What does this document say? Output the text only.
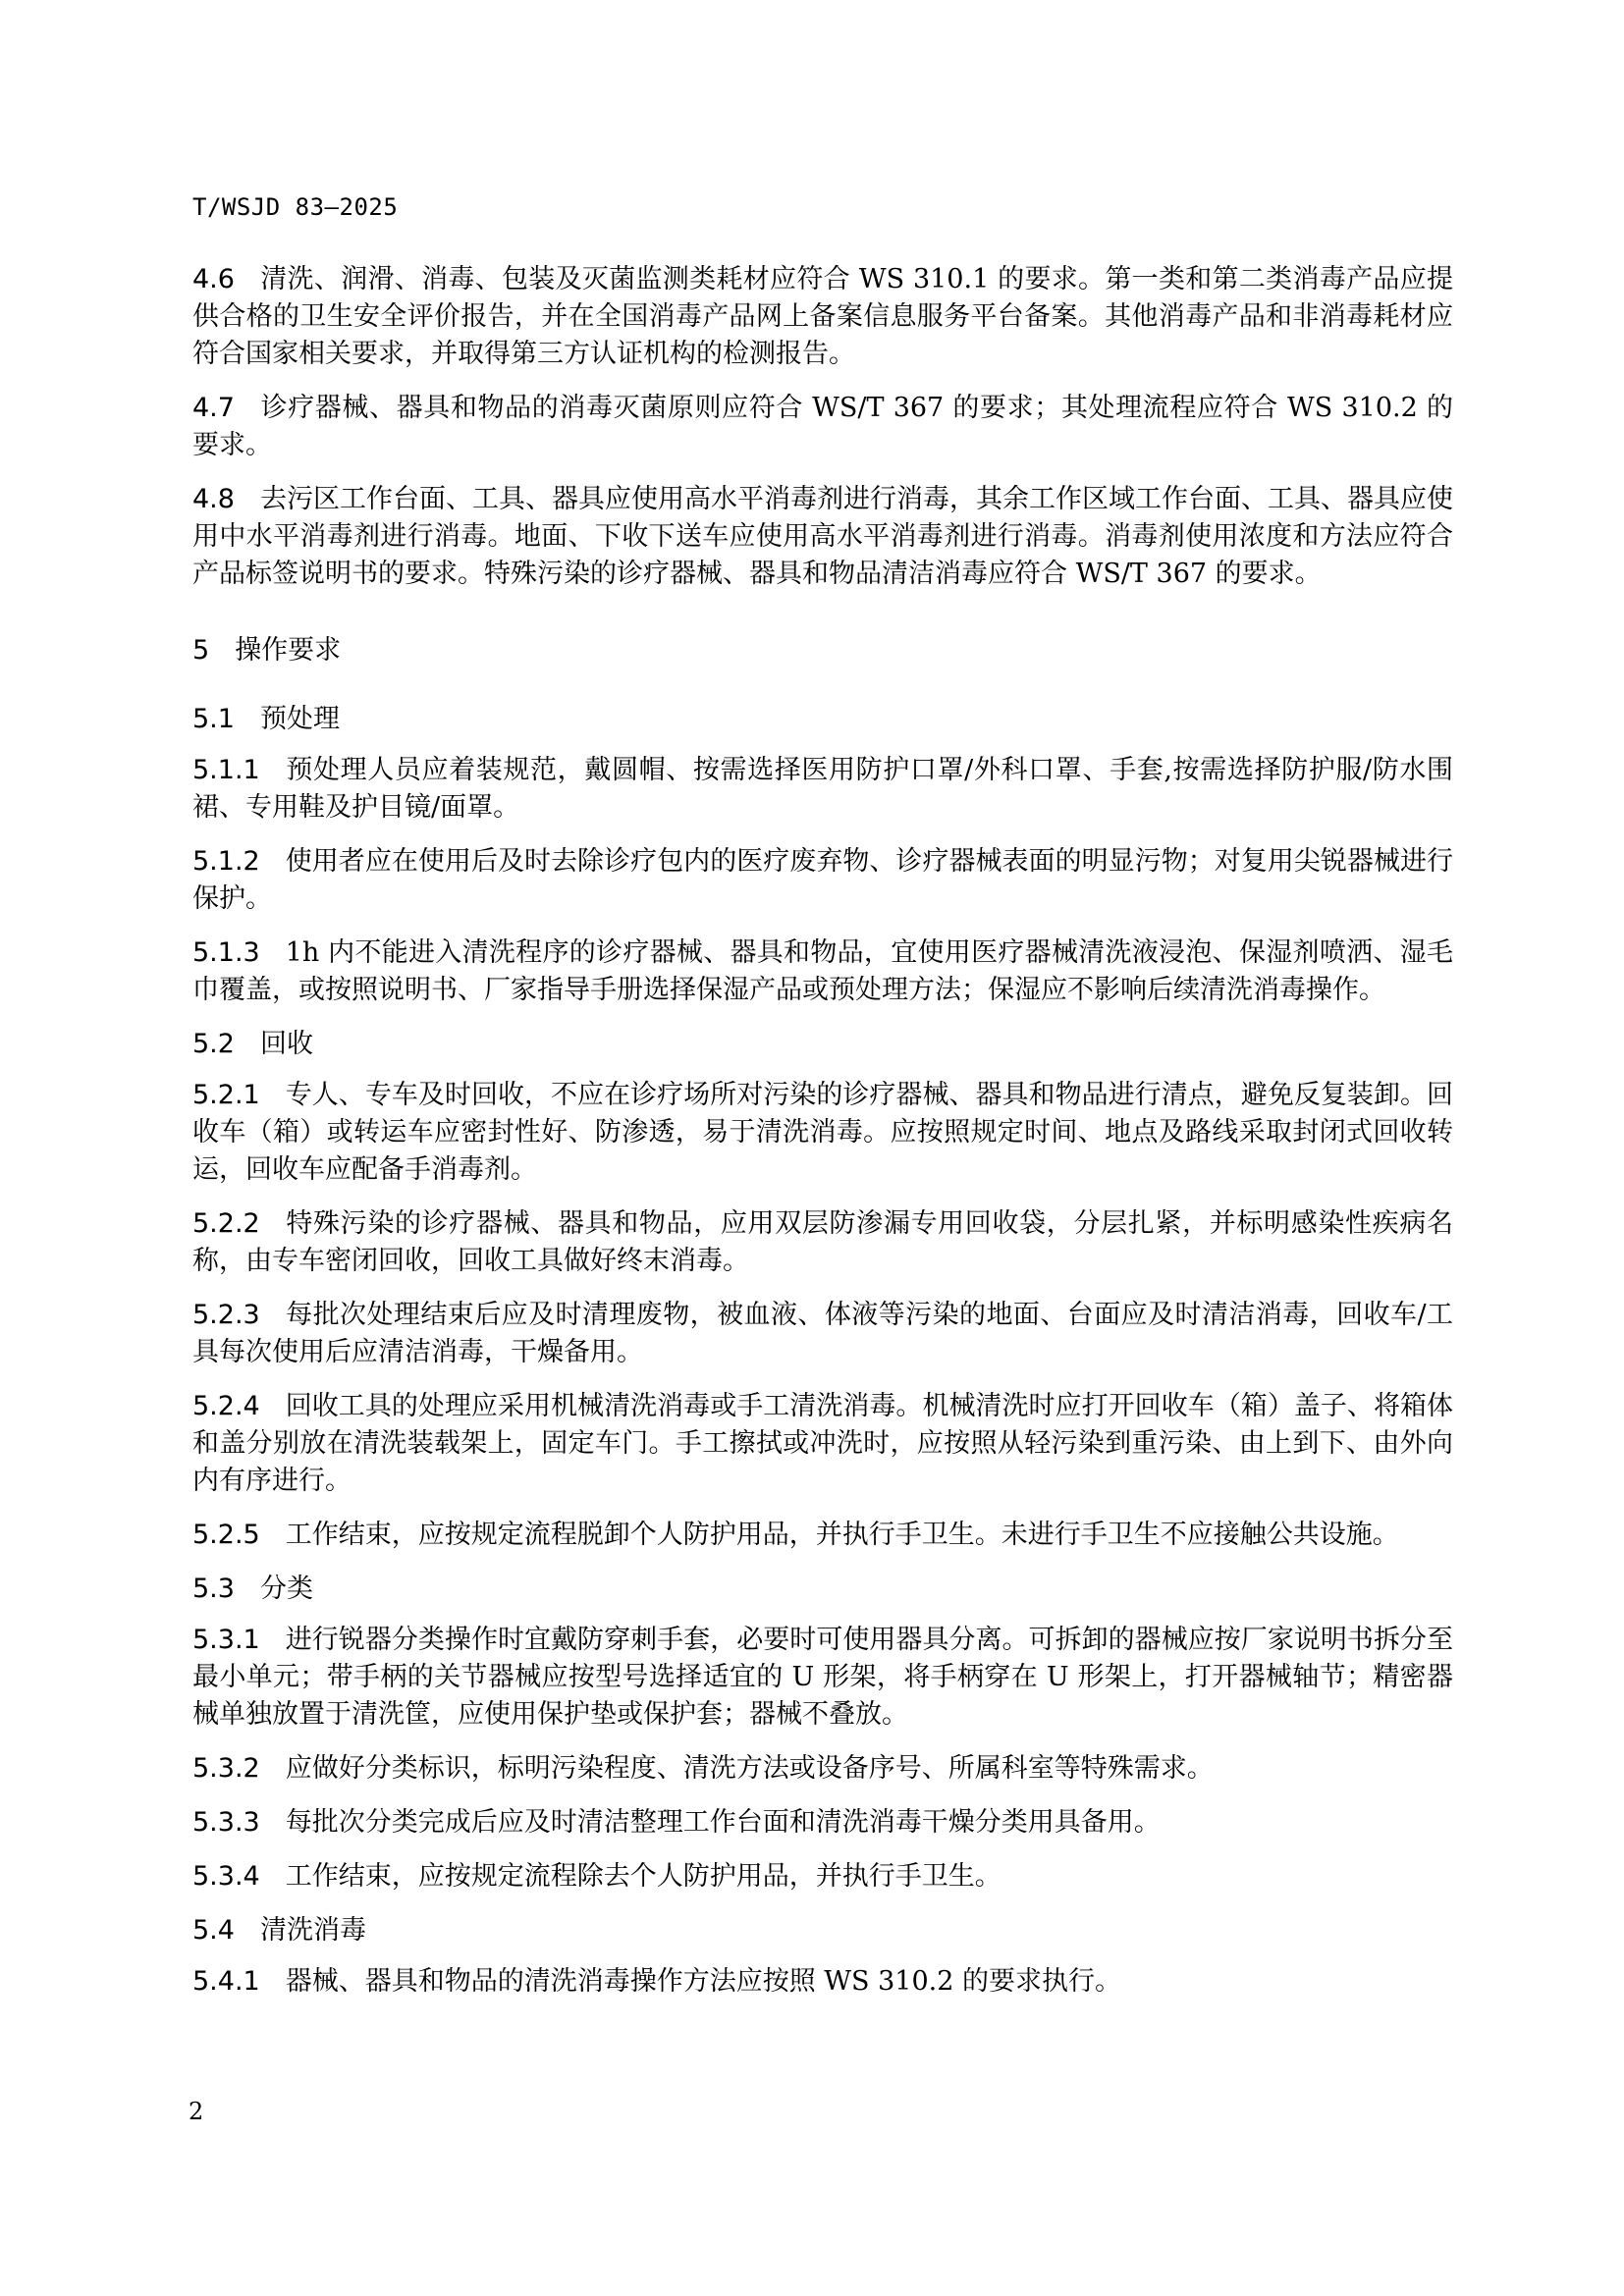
T/WSJD 83—2025
4.6 清洗、润滑、消毒、包装及灭菌监测类耗材应符合 WS 310.1 的要求。第一类和第二类消毒产品应提供合格的卫生安全评价报告，并在全国消毒产品网上备案信息服务平台备案。其他消毒产品和非消毒耗材应符合国家相关要求，并取得第三方认证机构的检测报告。
4.7 诊疗器械、器具和物品的消毒灭菌原则应符合 WS/T 367 的要求；其处理流程应符合 WS 310.2 的要求。
4.8 去污区工作台面、工具、器具应使用高水平消毒剂进行消毒，其余工作区域工作台面、工具、器具应使用中水平消毒剂进行消毒。地面、下收下送车应使用高水平消毒剂进行消毒。消毒剂使用浓度和方法应符合产品标签说明书的要求。特殊污染的诊疗器械、器具和物品清洁消毒应符合 WS/T 367 的要求。
5 操作要求
5.1 预处理
5.1.1 预处理人员应着装规范，戴圆帽、按需选择医用防护口罩/外科口罩、手套,按需选择防护服/防水围裙、专用鞋及护目镜/面罩。
5.1.2 使用者应在使用后及时去除诊疗包内的医疗废弃物、诊疗器械表面的明显污物；对复用尖锐器械进行保护。
5.1.3 1h 内不能进入清洗程序的诊疗器械、器具和物品，宜使用医疗器械清洗液浸泡、保湿剂喷洒、湿毛巾覆盖，或按照说明书、厂家指导手册选择保湿产品或预处理方法；保湿应不影响后续清洗消毒操作。
5.2 回收
5.2.1 专人、专车及时回收，不应在诊疗场所对污染的诊疗器械、器具和物品进行清点，避免反复装卸。回收车（箱）或转运车应密封性好、防渗透，易于清洗消毒。应按照规定时间、地点及路线采取封闭式回收转运，回收车应配备手消毒剂。
5.2.2 特殊污染的诊疗器械、器具和物品，应用双层防渗漏专用回收袋，分层扎紧，并标明感染性疾病名称，由专车密闭回收，回收工具做好终末消毒。
5.2.3 每批次处理结束后应及时清理废物，被血液、体液等污染的地面、台面应及时清洁消毒，回收车/工具每次使用后应清洁消毒，干燥备用。
5.2.4 回收工具的处理应采用机械清洗消毒或手工清洗消毒。机械清洗时应打开回收车（箱）盖子、将箱体和盖分别放在清洗装载架上，固定车门。手工擦拭或冲洗时，应按照从轻污染到重污染、由上到下、由外向内有序进行。
5.2.5 工作结束，应按规定流程脱卸个人防护用品，并执行手卫生。未进行手卫生不应接触公共设施。
5.3 分类
5.3.1 进行锐器分类操作时宜戴防穿刺手套，必要时可使用器具分离。可拆卸的器械应按厂家说明书拆分至最小单元；带手柄的关节器械应按型号选择适宜的 U 形架，将手柄穿在 U 形架上，打开器械轴节；精密器械单独放置于清洗筐，应使用保护垫或保护套；器械不叠放。
5.3.2 应做好分类标识，标明污染程度、清洗方法或设备序号、所属科室等特殊需求。
5.3.3 每批次分类完成后应及时清洁整理工作台面和清洗消毒干燥分类用具备用。
5.3.4 工作结束，应按规定流程除去个人防护用品，并执行手卫生。
5.4 清洗消毒
5.4.1 器械、器具和物品的清洗消毒操作方法应按照 WS 310.2 的要求执行。
2
